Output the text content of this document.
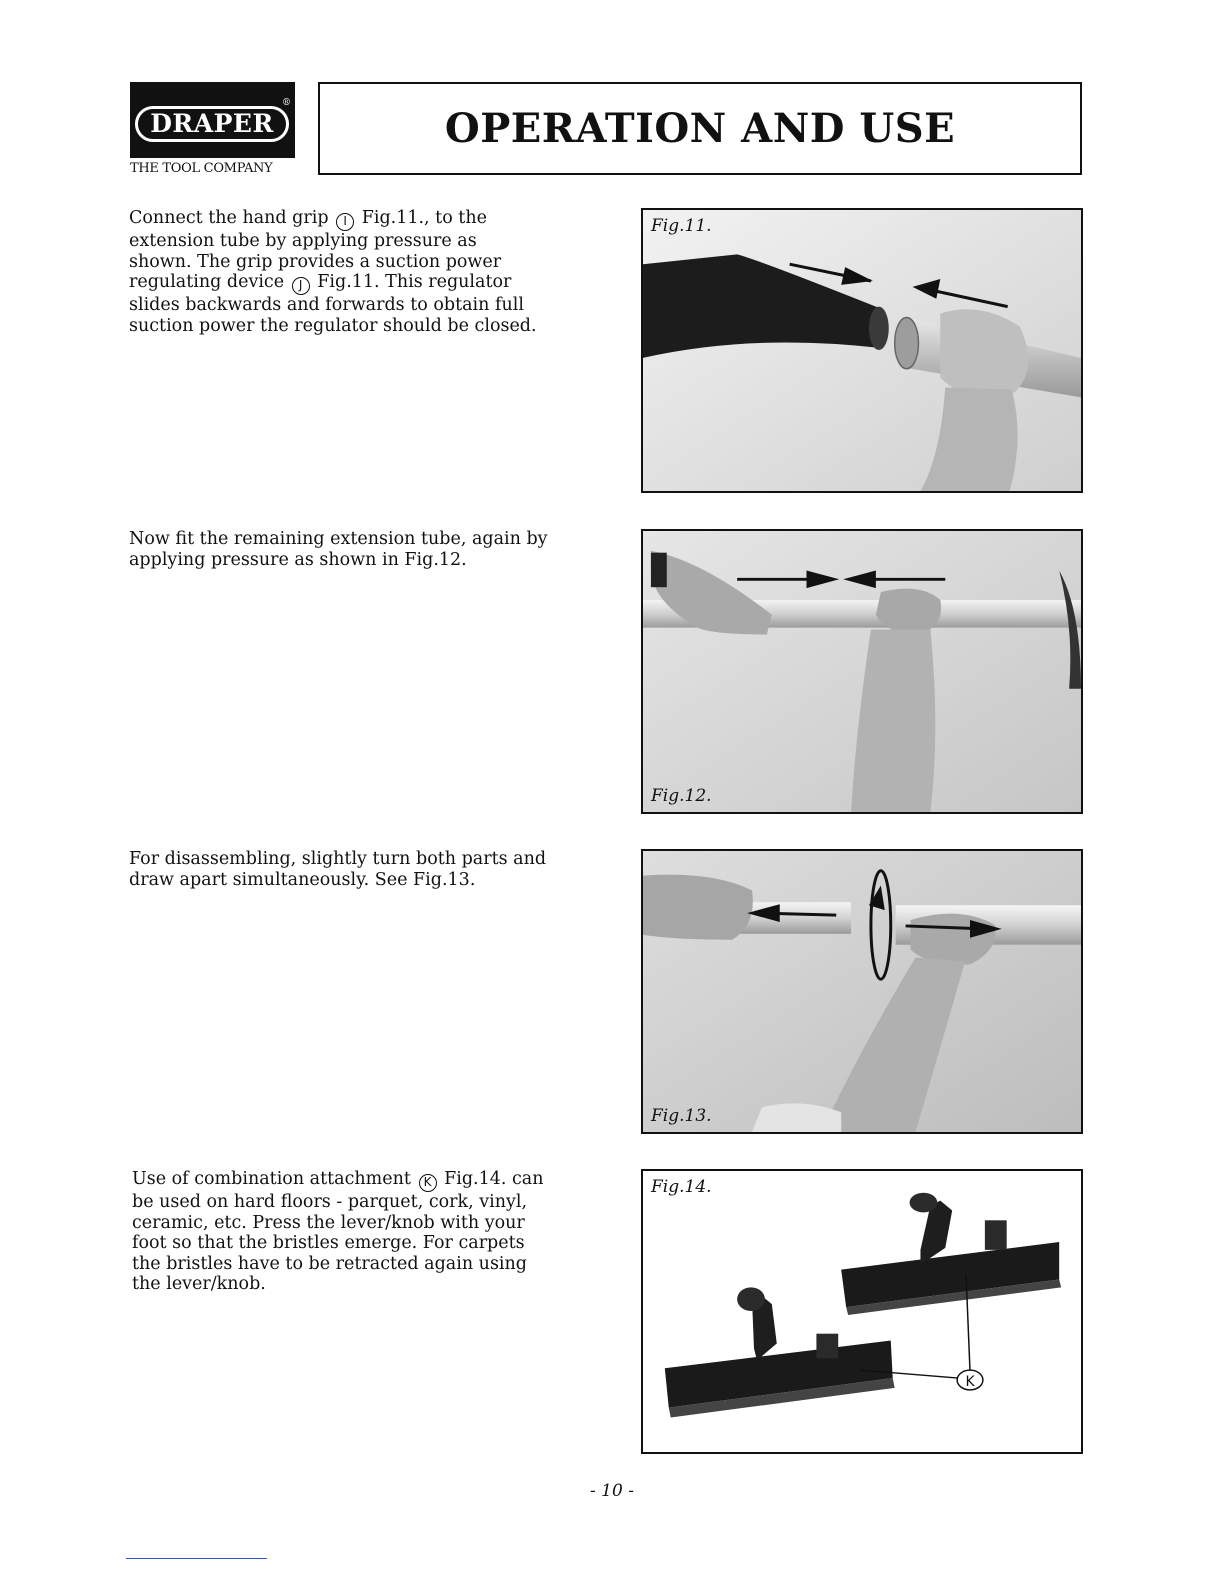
®
DRAPER
THE TOOL COMPANY
OPERATION AND USE

Connect the hand grip I Fig.11., to the
extension tube by applying pressure as
shown. The grip provides a suction power
regulating device J Fig.11. This regulator
slides backwards and forwards to obtain full
suction power the regulator should be closed.

Now fit the remaining extension tube, again by
applying pressure as shown in Fig.12.

For disassembling, slightly turn both parts and
draw apart simultaneously. See Fig.13.

Use of combination attachment K Fig.14. can
be used on hard floors - parquet, cork, vinyl,
ceramic, etc. Press the lever/knob with your
foot so that the bristles emerge. For carpets
the bristles have to be retracted again using
the lever/knob.

Fig.11.
Fig.12.
Fig.13.
K
Fig.14.
- 10 -
